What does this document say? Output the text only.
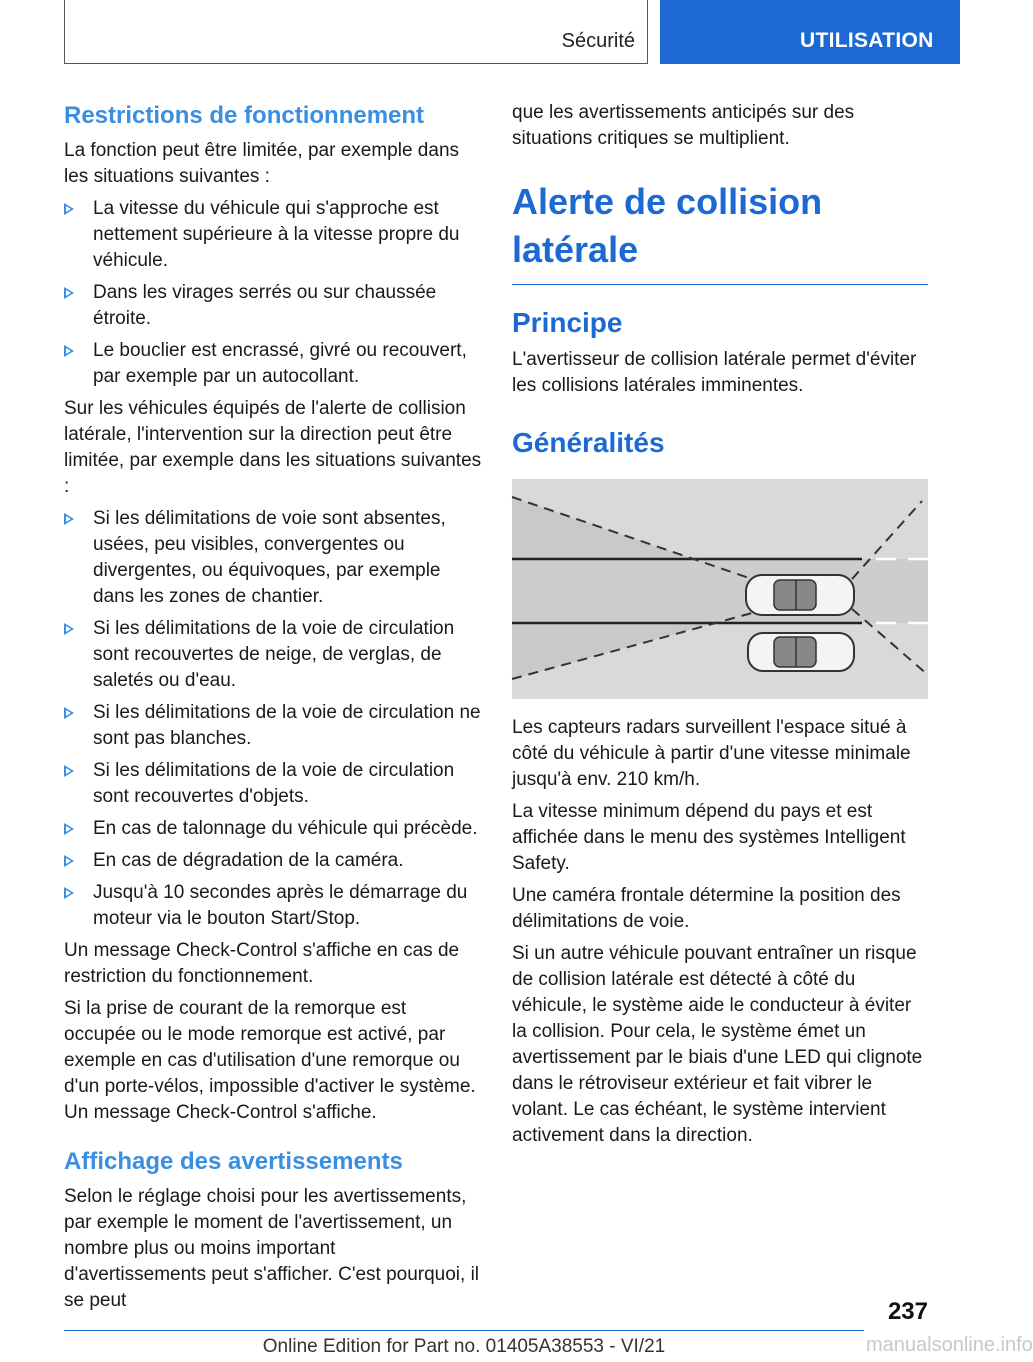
Sécurité	UTILISATION
Restrictions de fonctionnement

La fonction peut être limitée, par exemple dans les situations suivantes :

La vitesse du véhicule qui s'approche est nettement supérieure à la vitesse propre du véhicule.
Dans les virages serrés ou sur chaussée étroite.
Le bouclier est encrassé, givré ou recouvert, par exemple par un autocollant.

Sur les véhicules équipés de l'alerte de collision latérale, l'intervention sur la direction peut être limitée, par exemple dans les situations suivantes :

Si les délimitations de voie sont absentes, usées, peu visibles, convergentes ou divergentes, ou équivoques, par exemple dans les zones de chantier.
Si les délimitations de la voie de circulation sont recouvertes de neige, de verglas, de saletés ou d'eau.
Si les délimitations de la voie de circulation ne sont pas blanches.
Si les délimitations de la voie de circulation sont recouvertes d'objets.
En cas de talonnage du véhicule qui précède.
En cas de dégradation de la caméra.
Jusqu'à 10 secondes après le démarrage du moteur via le bouton Start/Stop.

Un message Check-Control s'affiche en cas de restriction du fonctionnement.

Si la prise de courant de la remorque est occupée ou le mode remorque est activé, par exemple en cas d'utilisation d'une remorque ou d'un porte-vélos, impossible d'activer le système. Un message Check-Control s'affiche.

Affichage des avertissements

Selon le réglage choisi pour les avertissements, par exemple le moment de l'avertissement, un nombre plus ou moins important d'avertissements peut s'afficher. C'est pourquoi, il se peut

que les avertissements anticipés sur des situations critiques se multiplient.

Alerte de collision latérale
Principe

L'avertisseur de collision latérale permet d'éviter les collisions latérales imminentes.

Généralités

Les capteurs radars surveillent l'espace situé à côté du véhicule à partir d'une vitesse minimale jusqu'à env. 210 km/h.

La vitesse minimum dépend du pays et est affichée dans le menu des systèmes Intelligent Safety.

Une caméra frontale détermine la position des délimitations de voie.

Si un autre véhicule pouvant entraîner un risque de collision latérale est détecté à côté du véhicule, le système aide le conducteur à éviter la collision. Pour cela, le système émet un avertissement par le biais d'une LED qui clignote dans le rétroviseur extérieur et fait vibrer le volant. Le cas échéant, le système intervient activement dans la direction.

237
Online Edition for Part no. 01405A38553 - VI/21	manualsonline.info
